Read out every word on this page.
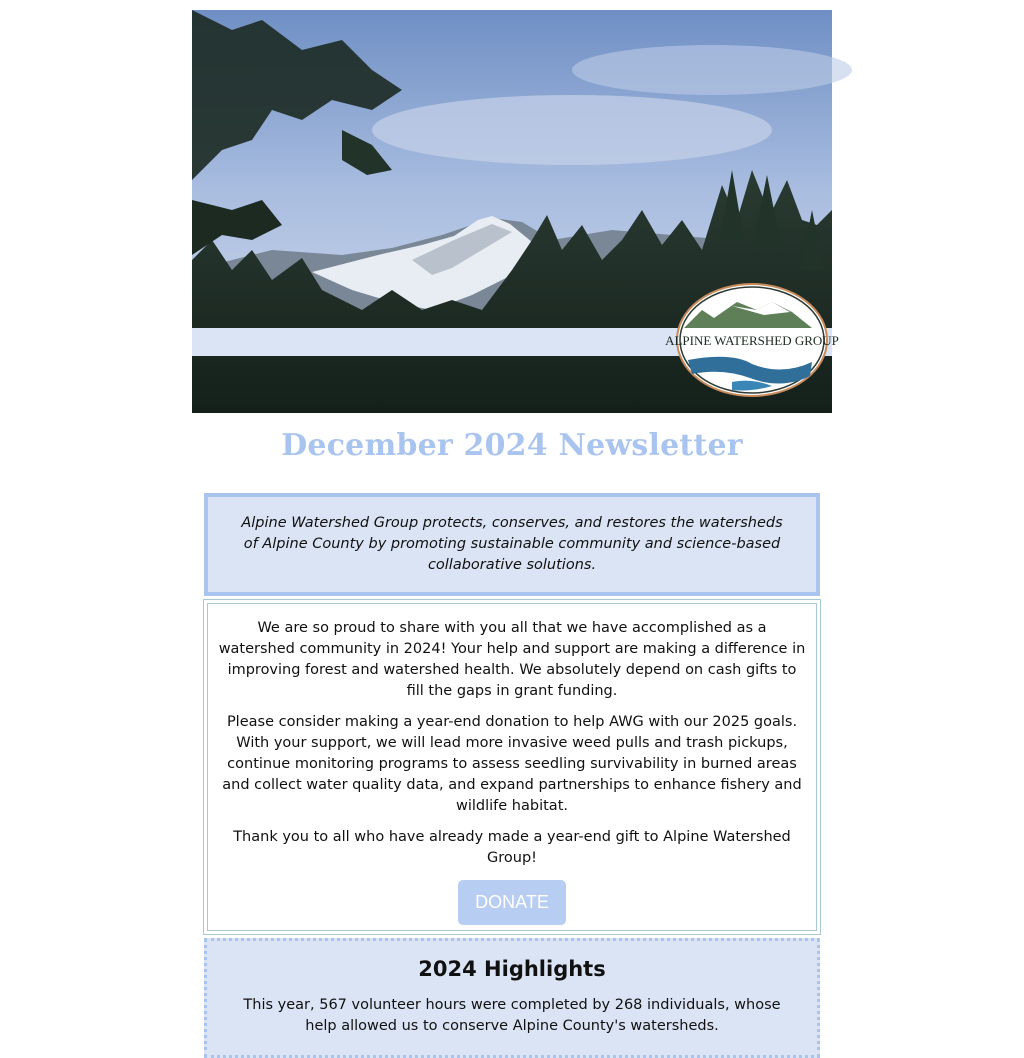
ALPINE WATERSHED GROUP
December 2024 Newsletter

Alpine Watershed Group protects, conserves, and restores the watersheds of Alpine County by promoting sustainable community and science-based collaborative solutions.

We are so proud to share with you all that we have accomplished as a watershed community in 2024! Your help and support are making a difference in improving forest and watershed health. We absolutely depend on cash gifts to fill the gaps in grant funding.

Please consider making a year-end donation to help AWG with our 2025 goals. With your support, we will lead more invasive weed pulls and trash pickups, continue monitoring programs to assess seedling survivability in burned areas and collect water quality data, and expand partnerships to enhance fishery and wildlife habitat.

Thank you to all who have already made a year-end gift to Alpine Watershed Group!

DONATE
2024 Highlights

This year, 567 volunteer hours were completed by 268 individuals, whose help allowed us to conserve Alpine County's watersheds.
